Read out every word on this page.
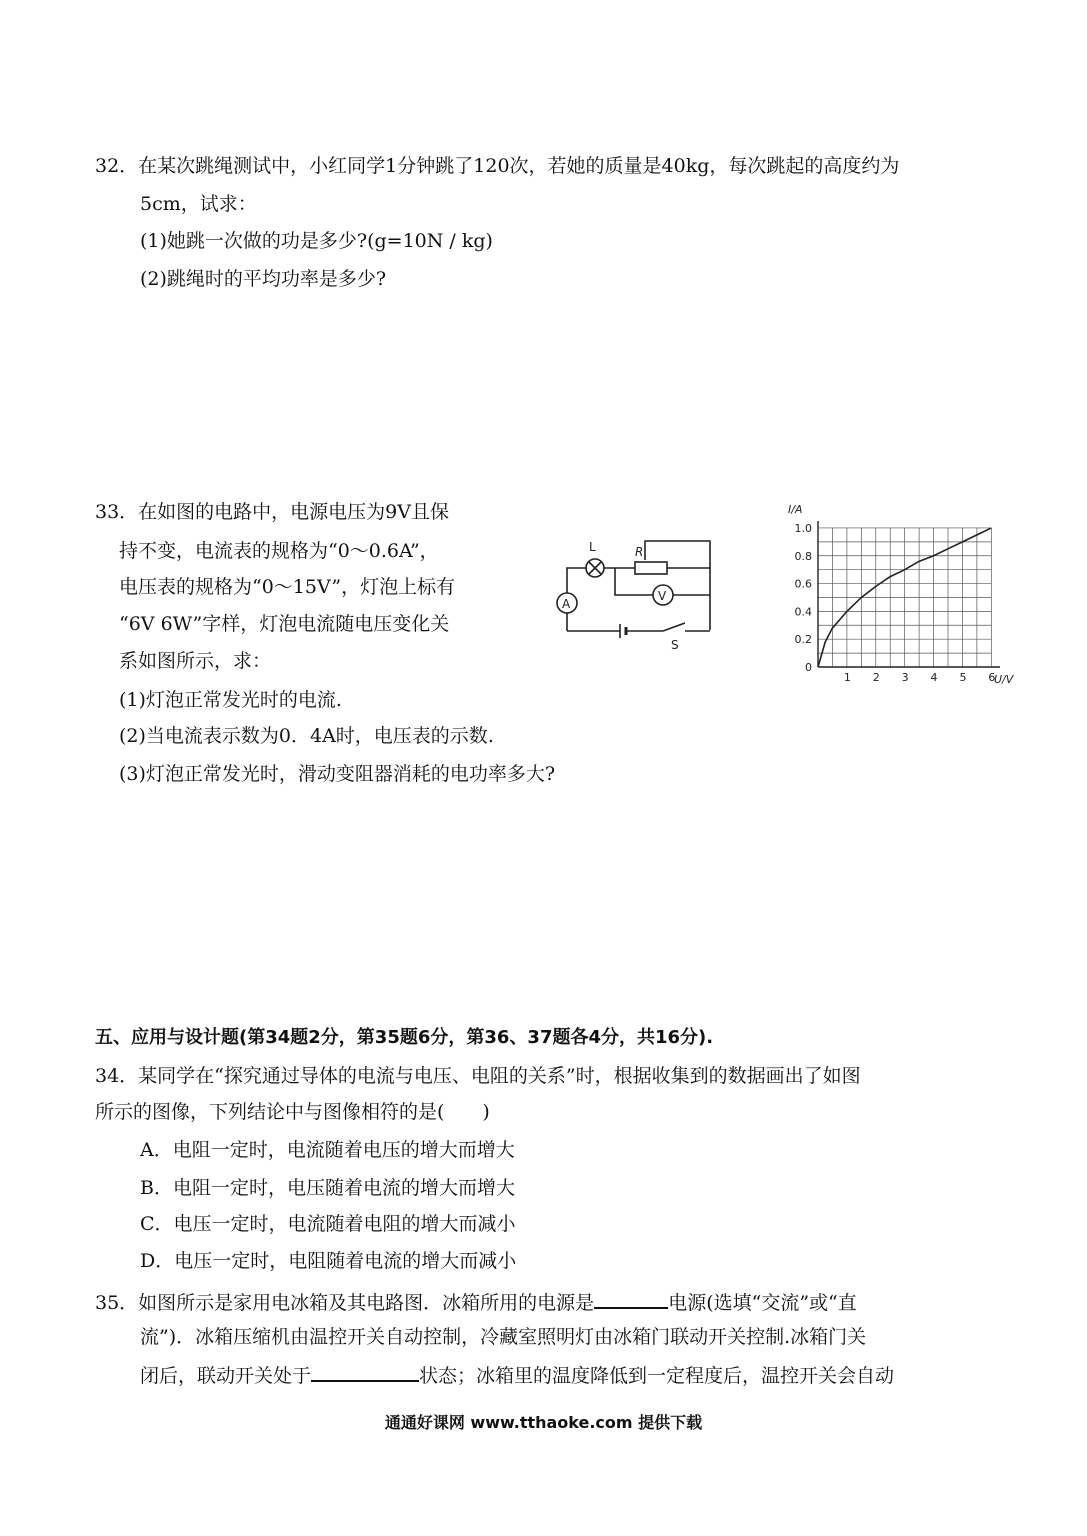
32．在某次跳绳测试中，小红同学1分钟跳了120次，若她的质量是40kg，每次跳起的高度约为
5cm，试求：
(1)她跳一次做的功是多少?(g=10N / kg)
(2)跳绳时的平均功率是多少?
33．在如图的电路中，电源电压为9V且保
持不变，电流表的规格为“0～0.6A”，
电压表的规格为“0～15V”，灯泡上标有
“6V 6W”字样，灯泡电流随电压变化关
系如图所示，求：
(1)灯泡正常发光时的电流.
(2)当电流表示数为0．4A时，电压表的示数.
(3)灯泡正常发光时，滑动变阻器消耗的电功率多大?
L	R
A
V
S
1 2 3 4 5 6
0
0.2
0.4
0.6
0.8
1.0
I/A
U/V
五、应用与设计题(第34题2分，第35题6分，第36、37题各4分，共16分).
34．某同学在“探究通过导体的电流与电压、电阻的关系”时，根据收集到的数据画出了如图
所示的图像，下列结论中与图像相符的是(　　)
A．电阻一定时，电流随着电压的增大而增大
B．电阻一定时，电压随着电流的增大而增大
C．电压一定时，电流随着电阻的增大而减小
D．电压一定时，电阻随着电流的增大而减小
35．如图所示是家用电冰箱及其电路图．冰箱所用的电源是	电源(选填“交流”或“直
流”)．冰箱压缩机由温控开关自动控制，冷藏室照明灯由冰箱门联动开关控制.冰箱门关
闭后，联动开关处于	状态；冰箱里的温度降低到一定程度后，温控开关会自动
通通好课网 www.tthaoke.com 提供下载
